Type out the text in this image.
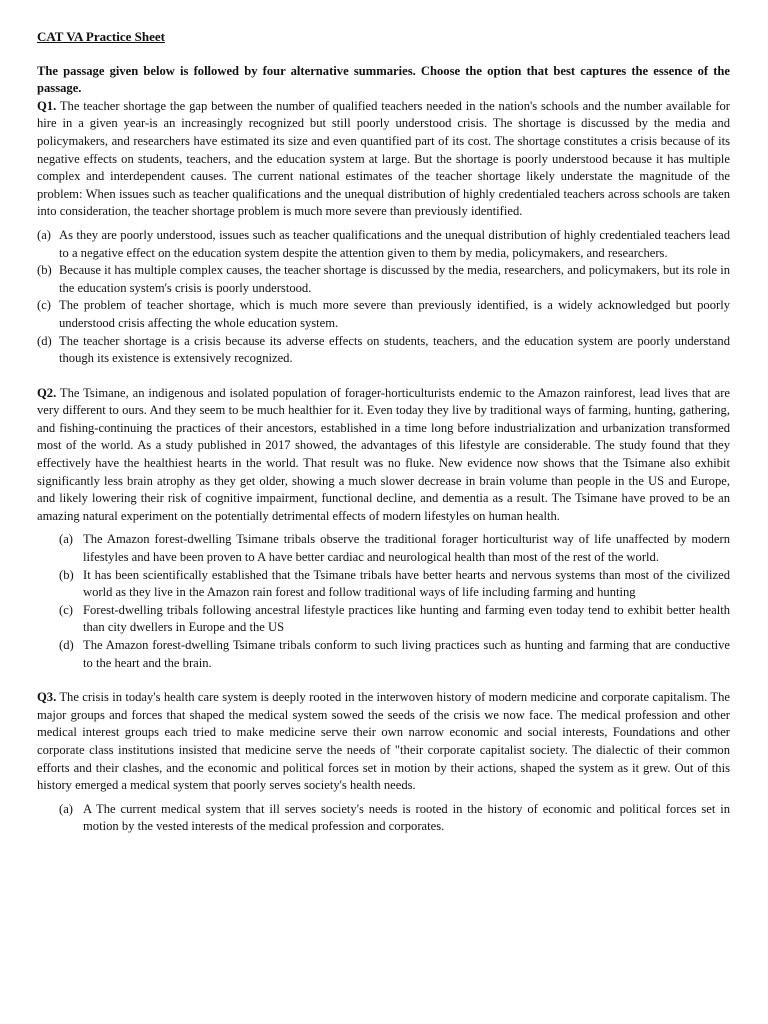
CAT VA Practice Sheet

The passage given below is followed by four alternative summaries. Choose the option that best captures the essence of the passage.

Q1. The teacher shortage the gap between the number of qualified teachers needed in the nation's schools and the number available for hire in a given year-is an increasingly recognized but still poorly understood crisis. The shortage is discussed by the media and policymakers, and researchers have estimated its size and even quantified part of its cost. The shortage constitutes a crisis because of its negative effects on students, teachers, and the education system at large. But the shortage is poorly understood because it has multiple complex and interdependent causes. The current national estimates of the teacher shortage likely understate the magnitude of the problem: When issues such as teacher qualifications and the unequal distribution of highly credentialed teachers across schools are taken into consideration, the teacher shortage problem is much more severe than previously identified.

(a) As they are poorly understood, issues such as teacher qualifications and the unequal distribution of highly credentialed teachers lead to a negative effect on the education system despite the attention given to them by media, policymakers, and researchers.
(b) Because it has multiple complex causes, the teacher shortage is discussed by the media, researchers, and policymakers, but its role in the education system's crisis is poorly understood.
(c) The problem of teacher shortage, which is much more severe than previously identified, is a widely acknowledged but poorly understood crisis affecting the whole education system.
(d) The teacher shortage is a crisis because its adverse effects on students, teachers, and the education system are poorly understand though its existence is extensively recognized.

Q2. The Tsimane, an indigenous and isolated population of forager-horticulturists endemic to the Amazon rainforest, lead lives that are very different to ours. And they seem to be much healthier for it. Even today they live by traditional ways of farming, hunting, gathering, and fishing-continuing the practices of their ancestors, established in a time long before industrialization and urbanization transformed most of the world. As a study published in 2017 showed, the advantages of this lifestyle are considerable. The study found that they effectively have the healthiest hearts in the world. That result was no fluke. New evidence now shows that the Tsimane also exhibit significantly less brain atrophy as they get older, showing a much slower decrease in brain volume than people in the US and Europe, and likely lowering their risk of cognitive impairment, functional decline, and dementia as a result. The Tsimane have proved to be an amazing natural experiment on the potentially detrimental effects of modern lifestyles on human health.

(a) The Amazon forest-dwelling Tsimane tribals observe the traditional forager horticulturist way of life unaffected by modern lifestyles and have been proven to A have better cardiac and neurological health than most of the rest of the world.
(b) It has been scientifically established that the Tsimane tribals have better hearts and nervous systems than most of the civilized world as they live in the Amazon rain forest and follow traditional ways of life including farming and hunting
(c) Forest-dwelling tribals following ancestral lifestyle practices like hunting and farming even today tend to exhibit better health than city dwellers in Europe and the US
(d) The Amazon forest-dwelling Tsimane tribals conform to such living practices such as hunting and farming that are conductive to the heart and the brain.

Q3. The crisis in today's health care system is deeply rooted in the interwoven history of modern medicine and corporate capitalism. The major groups and forces that shaped the medical system sowed the seeds of the crisis we now face. The medical profession and other medical interest groups each tried to make medicine serve their own narrow economic and social interests, Foundations and other corporate class institutions insisted that medicine serve the needs of "their corporate capitalist society. The dialectic of their common efforts and their clashes, and the economic and political forces set in motion by their actions, shaped the system as it grew. Out of this history emerged a medical system that poorly serves society's health needs.

(a) A The current medical system that ill serves society's needs is rooted in the history of economic and political forces set in motion by the vested interests of the medical profession and corporates.
